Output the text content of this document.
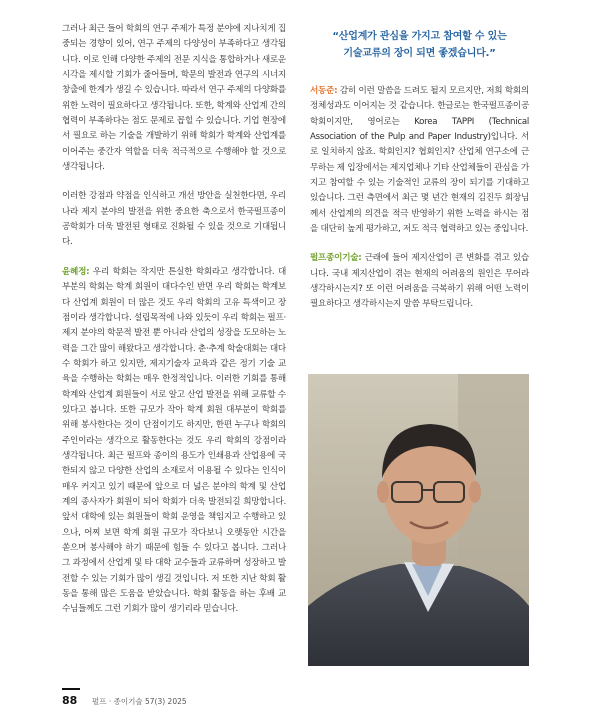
그러나 최근 들어 학회의 연구 주제가 특정 분야에 지나치게 집중되는 경향이 있어, 연구 주제의 다양성이 부족하다고 생각됩니다. 이로 인해 다양한 주제의 전문 지식을 통합하거나 새로운 시각을 제시할 기회가 줄어들며, 학문의 발전과 연구의 시너지 창출에 한계가 생길 수 있습니다. 따라서 연구 주제의 다양화를 위한 노력이 필요하다고 생각됩니다. 또한, 학계와 산업계 간의 협력이 부족하다는 점도 문제로 꼽힐 수 있습니다. 기업 현장에서 필요로 하는 기술을 개발하기 위해 학회가 학계와 산업계를 이어주는 중간자 역할을 더욱 적극적으로 수행해야 할 것으로 생각됩니다.

이러한 강점과 약점을 인식하고 개선 방안을 실천한다면, 우리나라 제지 분야의 발전을 위한 중요한 축으로서 한국펄프종이공학회가 더욱 발전된 형태로 진화될 수 있을 것으로 기대됩니다.

윤혜정: 우리 학회는 작지만 튼실한 학회라고 생각합니다. 대부분의 학회는 학계 회원이 대다수인 반면 우리 학회는 학계보다 산업계 회원이 더 많은 것도 우리 학회의 고유 특색이고 장점이라 생각합니다. 설립목적에 나와 있듯이 우리 학회는 펄프·제지 분야의 학문적 발전 뿐 아니라 산업의 성장을 도모하는 노력을 그간 많이 해왔다고 생각합니다. 춘·추계 학술대회는 대다수 학회가 하고 있지만, 제지기술자 교육과 같은 정기 기술 교육을 수행하는 학회는 매우 한정적입니다. 이러한 기회를 통해 학계와 산업계 회원들이 서로 알고 산업 발전을 위해 교류할 수 있다고 봅니다. 또한 규모가 작아 학계 회원 대부분이 학회를 위해 봉사한다는 것이 단점이기도 하지만, 한편 누구나 학회의 주인이라는 생각으로 활동한다는 것도 우리 학회의 강점이라 생각됩니다. 최근 펄프와 종이의 용도가 인쇄용과 산업용에 국한되지 않고 다양한 산업의 소재로서 이용될 수 있다는 인식이 매우 커지고 있기 때문에 앞으로 더 넓은 분야의 학계 및 산업계의 종사자가 회원이 되어 학회가 더욱 발전되길 희망합니다. 앞서 대학에 있는 회원들이 학회 운영을 책임지고 수행하고 있으나, 어찌 보면 학계 회원 규모가 작다보니 오랫동안 시간을 쏟으며 봉사해야 하기 때문에 힘들 수 있다고 봅니다. 그러나 그 과정에서 산업계 및 타 대학 교수들과 교류하며 성장하고 발전할 수 있는 기회가 많이 생길 것입니다. 저 또한 지난 학회 활동을 통해 많은 도움을 받았습니다. 학회 활동을 하는 후배 교수님들께도 그런 기회가 많이 생기리라 믿습니다.

“산업계가 관심을 가지고 참여할 수 있는
기술교류의 장이 되면 좋겠습니다.”

서동준: 감히 이런 말씀을 드려도 될지 모르지만, 저희 학회의 정체성과도 이어지는 것 같습니다. 한글로는 한국펄프종이공학회이지만, 영어로는 Korea TAPPI (Technical Association of the Pulp and Paper Industry)입니다. 서로 일치하지 않죠. 학회인지? 협회인지? 산업체 연구소에 근무하는 제 입장에서는 제지업체나 기타 산업체들이 관심을 가지고 참여할 수 있는 기술적인 교류의 장이 되기를 기대하고 있습니다. 그런 측면에서 최근 몇 년간 현재의 김진두 회장님께서 산업계의 의견을 적극 반영하기 위한 노력을 하시는 점을 대단히 높게 평가하고, 저도 적극 협력하고 있는 중입니다.

펄프종이기술: 근래에 들어 제지산업이 큰 변화를 겪고 있습니다. 국내 제지산업이 겪는 현재의 어려움의 원인은 무어라 생각하시는지? 또 이런 어려움을 극복하기 위해 어떤 노력이 필요하다고 생각하시는지 말씀 부탁드립니다.

88 펄프 · 종이기술 57(3) 2025
